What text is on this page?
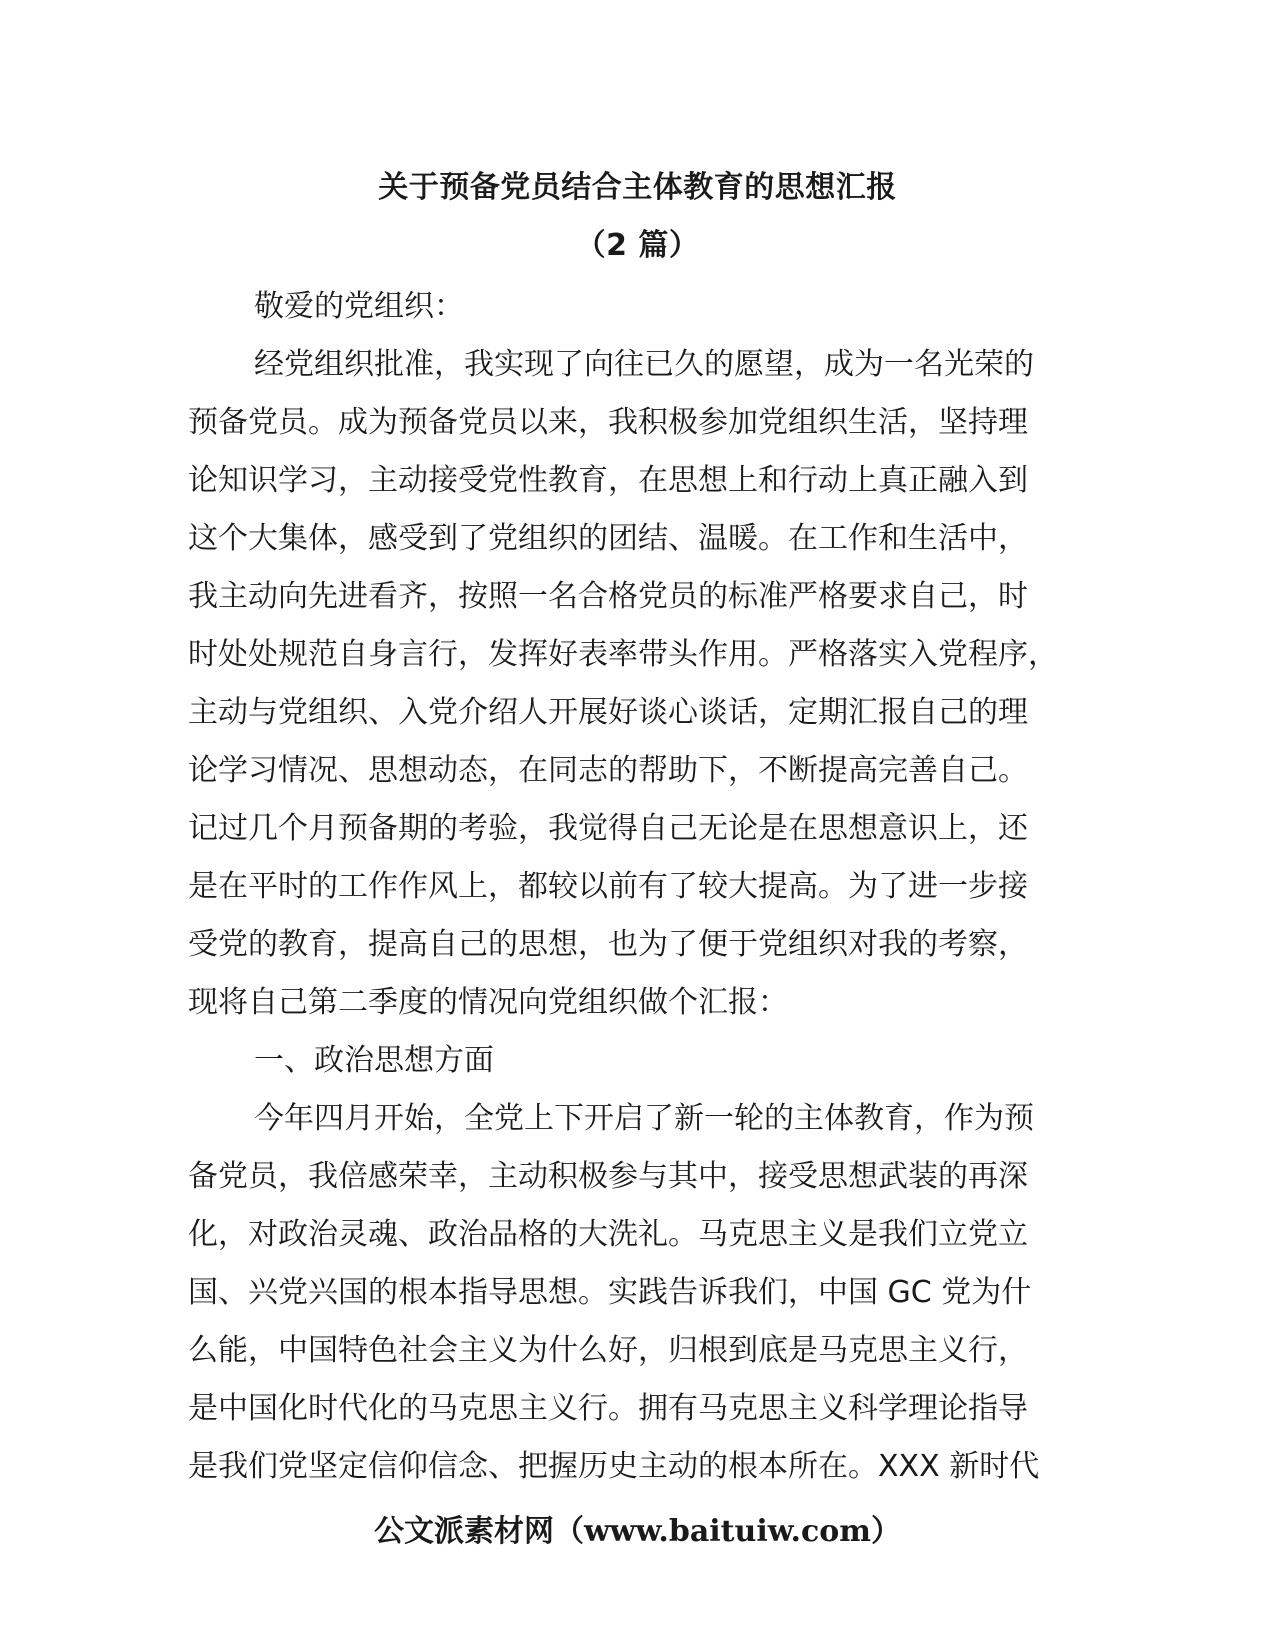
关于预备党员结合主体教育的思想汇报
（2 篇）
敬爱的党组织：
经党组织批准，我实现了向往已久的愿望，成为一名光荣的
预备党员。成为预备党员以来，我积极参加党组织生活，坚持理
论知识学习，主动接受党性教育，在思想上和行动上真正融入到
这个大集体，感受到了党组织的团结、温暖。在工作和生活中，
我主动向先进看齐，按照一名合格党员的标准严格要求自己，时
时处处规范自身言行，发挥好表率带头作用。严格落实入党程序，
主动与党组织、入党介绍人开展好谈心谈话，定期汇报自己的理
论学习情况、思想动态，在同志的帮助下，不断提高完善自己。
记过几个月预备期的考验，我觉得自己无论是在思想意识上，还
是在平时的工作作风上，都较以前有了较大提高。为了进一步接
受党的教育，提高自己的思想，也为了便于党组织对我的考察，
现将自己第二季度的情况向党组织做个汇报：
一、政治思想方面
今年四月开始，全党上下开启了新一轮的主体教育，作为预
备党员，我倍感荣幸，主动积极参与其中，接受思想武装的再深
化，对政治灵魂、政治品格的大洗礼。马克思主义是我们立党立
国、兴党兴国的根本指导思想。实践告诉我们，中国 GC 党为什
么能，中国特色社会主义为什么好，归根到底是马克思主义行，
是中国化时代化的马克思主义行。拥有马克思主义科学理论指导
是我们党坚定信仰信念、把握历史主动的根本所在。XXX 新时代
公文派素材网（www.baituiw.com）
